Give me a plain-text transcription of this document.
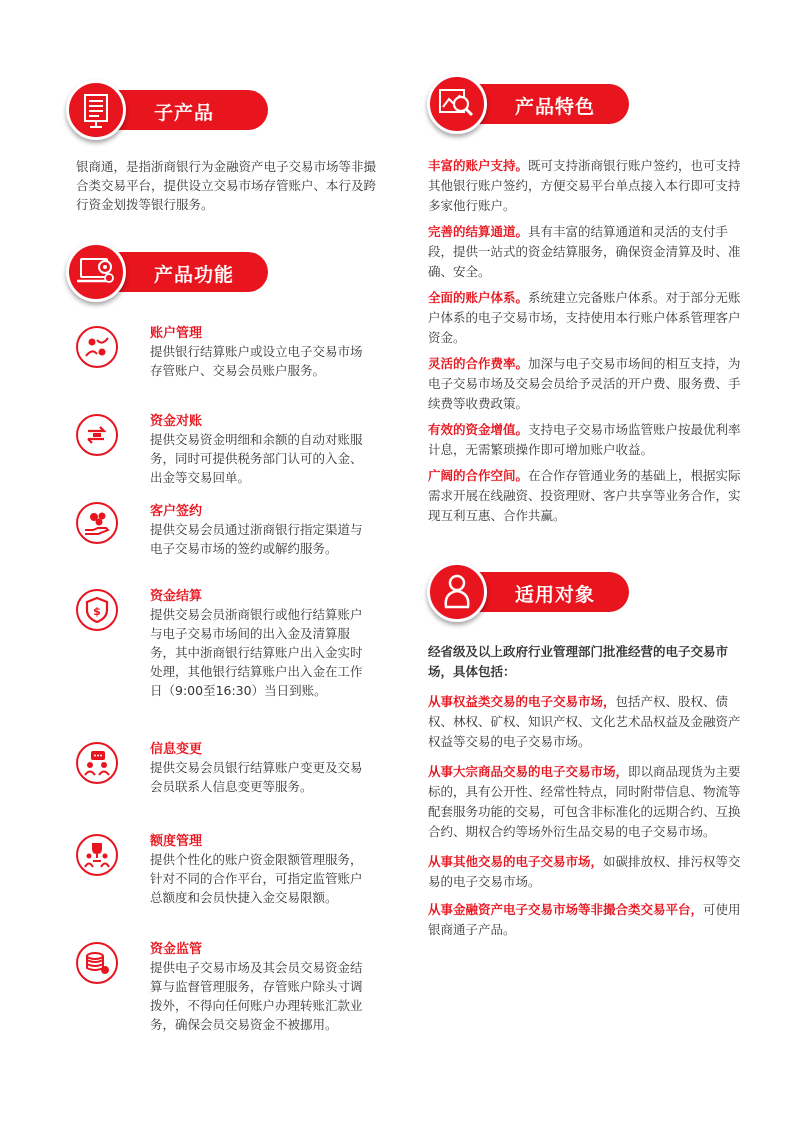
子产品
银商通，是指浙商银行为金融资产电子交易市场等非撮合类交易平台，提供设立交易市场存管账户、本行及跨行资金划拨等银行服务。
产品功能
账户管理
提供银行结算账户或设立电子交易市场存管账户、交易会员账户服务。
资金对账
提供交易资金明细和余额的自动对账服务，同时可提供税务部门认可的入金、出金等交易回单。
客户签约
提供交易会员通过浙商银行指定渠道与电子交易市场的签约或解约服务。
$
资金结算
提供交易会员浙商银行或他行结算账户与电子交易市场间的出入金及清算服务，其中浙商银行结算账户出入金实时处理，其他银行结算账户出入金在工作日（9:00至16:30）当日到账。
信息变更
提供交易会员银行结算账户变更及交易会员联系人信息变更等服务。
额度管理
提供个性化的账户资金限额管理服务，针对不同的合作平台，可指定监管账户总额度和会员快捷入金交易限额。
资金监管
提供电子交易市场及其会员交易资金结算与监督管理服务，存管账户除头寸调拨外，不得向任何账户办理转账汇款业务，确保会员交易资金不被挪用。
产品特色
丰富的账户支持。既可支持浙商银行账户签约，也可支持其他银行账户签约，方便交易平台单点接入本行即可支持多家他行账户。
完善的结算通道。具有丰富的结算通道和灵活的支付手段，提供一站式的资金结算服务，确保资金清算及时、准确、安全。
全面的账户体系。系统建立完备账户体系。对于部分无账户体系的电子交易市场，支持使用本行账户体系管理客户资金。
灵活的合作费率。加深与电子交易市场间的相互支持，为电子交易市场及交易会员给予灵活的开户费、服务费、手续费等收费政策。
有效的资金增值。支持电子交易市场监管账户按最优利率计息，无需繁琐操作即可增加账户收益。
广阔的合作空间。在合作存管通业务的基础上，根据实际需求开展在线融资、投资理财、客户共享等业务合作，实现互利互惠、合作共赢。
适用对象
经省级及以上政府行业管理部门批准经营的电子交易市场，具体包括：
从事权益类交易的电子交易市场，包括产权、股权、债权、林权、矿权、知识产权、文化艺术品权益及金融资产权益等交易的电子交易市场。
从事大宗商品交易的电子交易市场，即以商品现货为主要标的，具有公开性、经常性特点，同时附带信息、物流等配套服务功能的交易，可包含非标准化的远期合约、互换合约、期权合约等场外衍生品交易的电子交易市场。
从事其他交易的电子交易市场，如碳排放权、排污权等交易的电子交易市场。
从事金融资产电子交易市场等非撮合类交易平台，可使用银商通子产品。
